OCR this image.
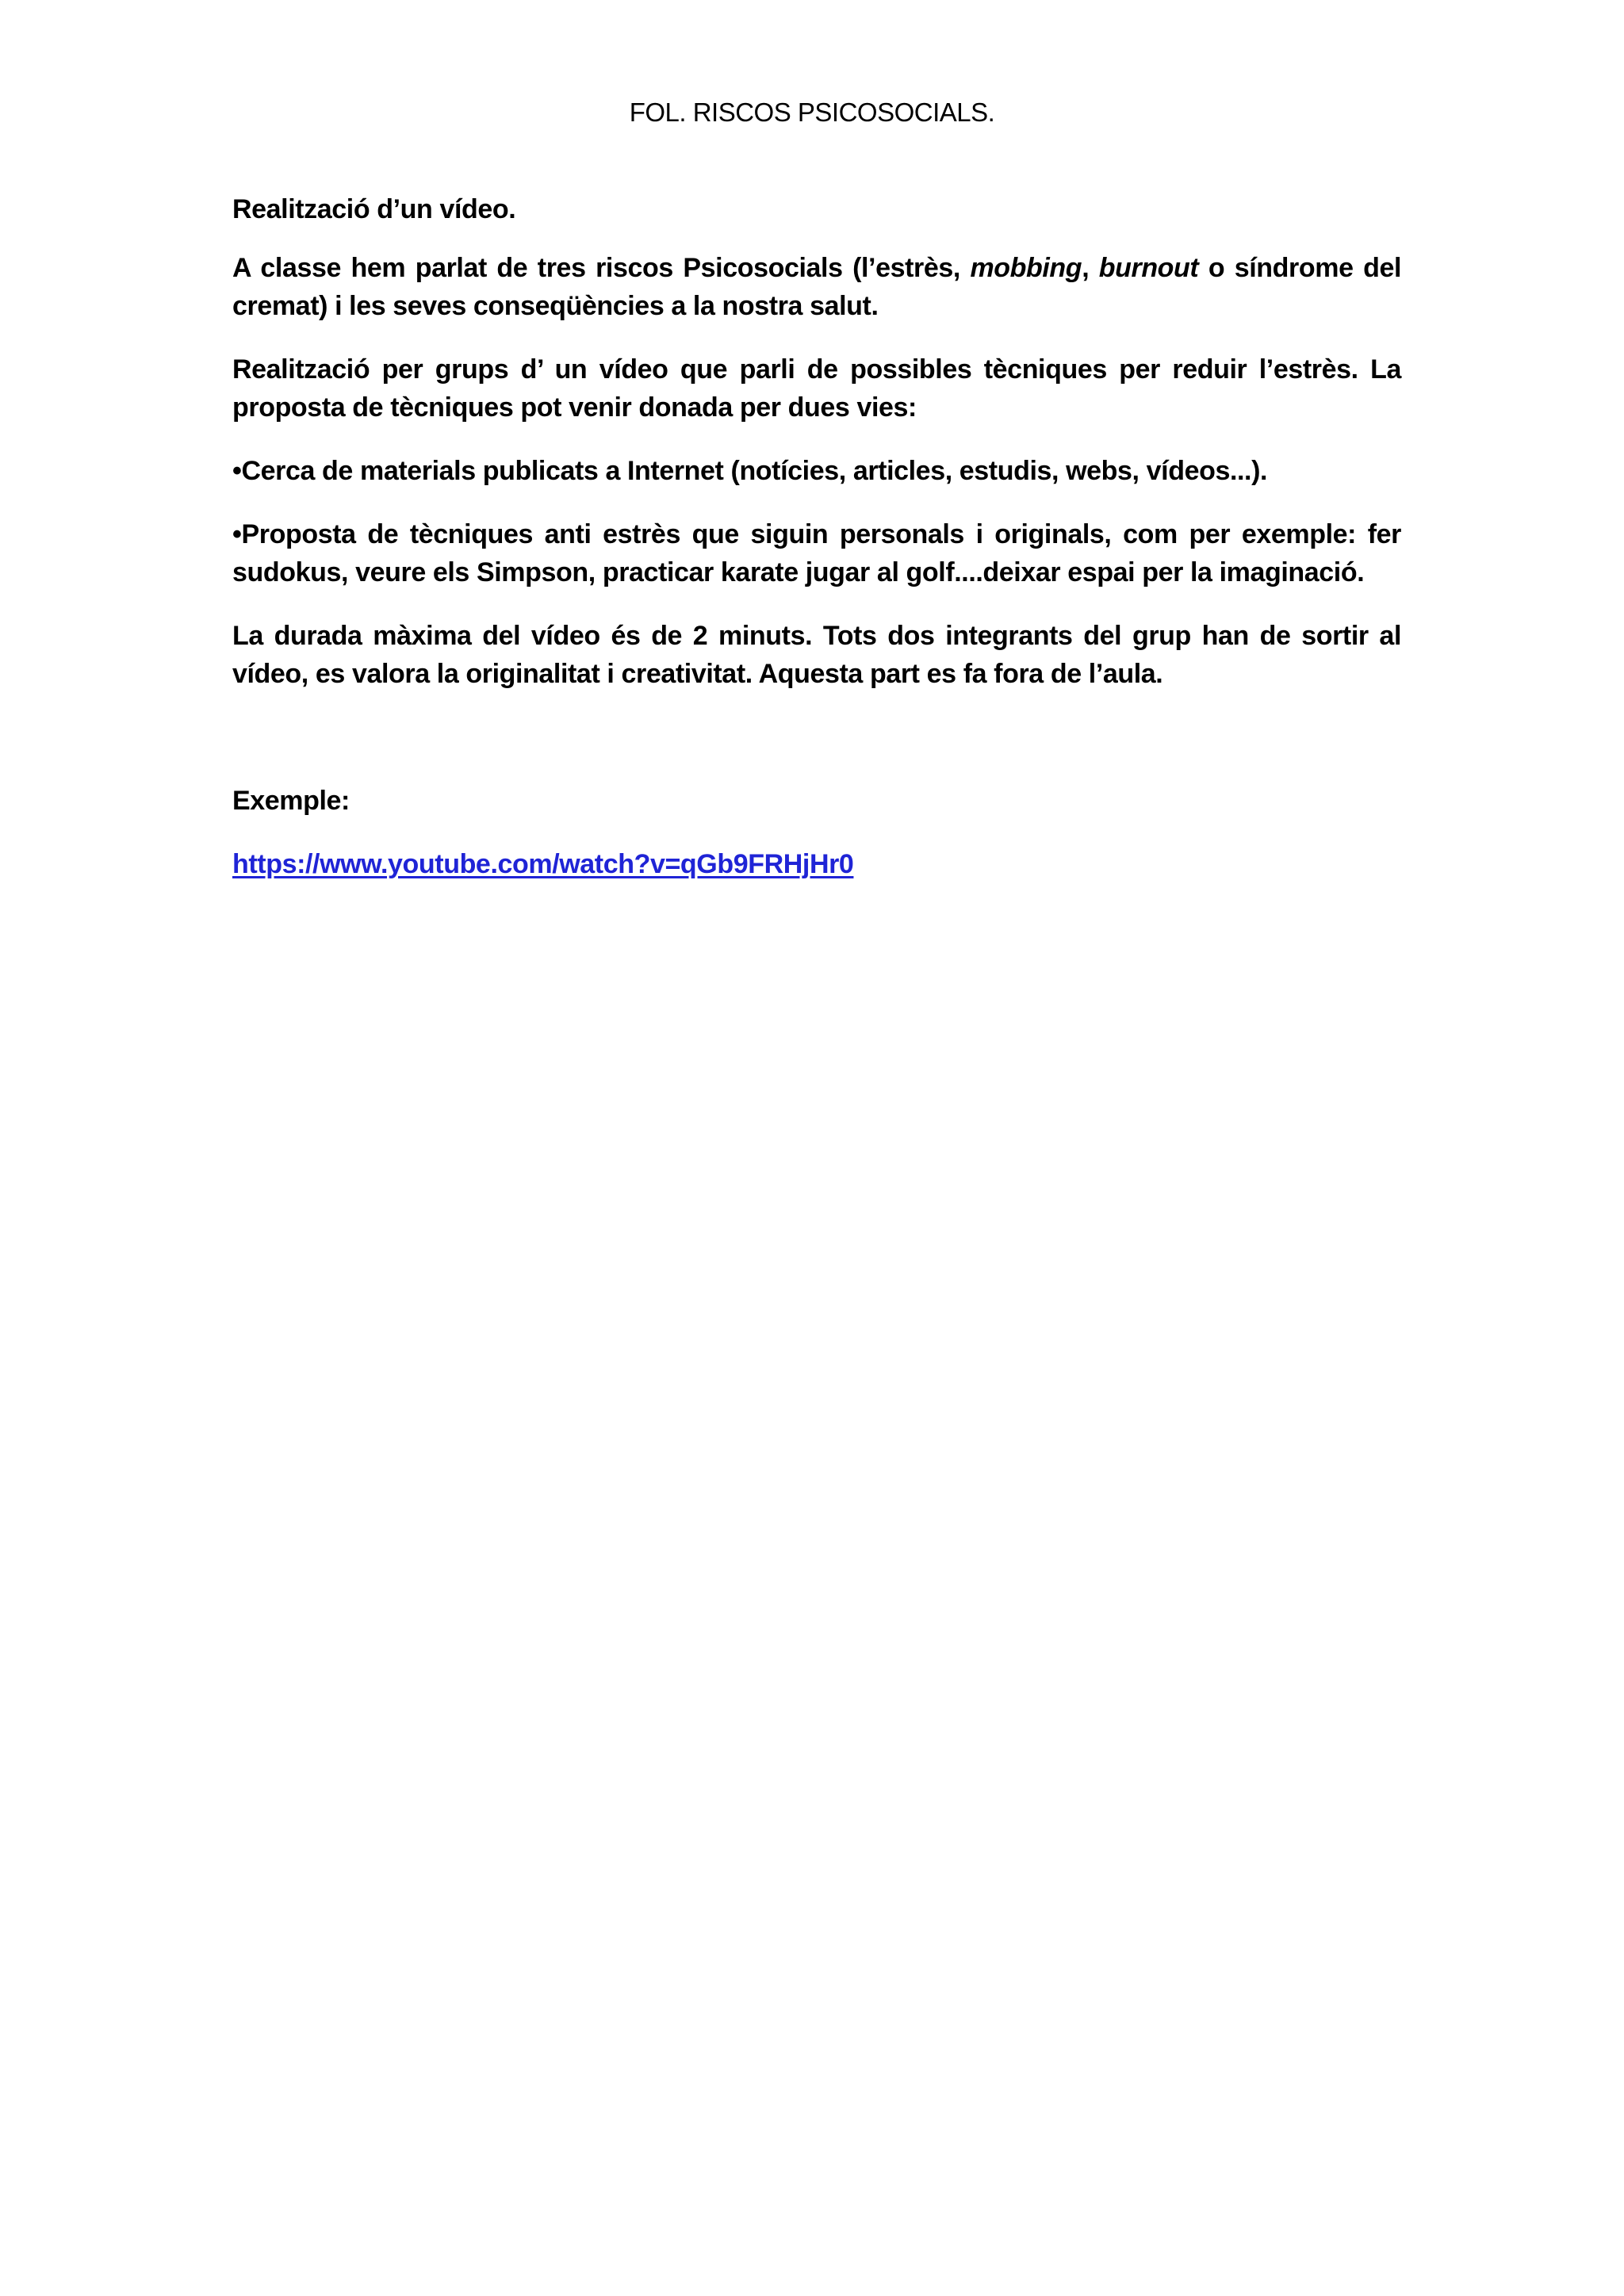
FOL. RISCOS PSICOSOCIALS.

Realització d’un vídeo.

A classe hem parlat de tres riscos Psicosocials (l’estrès, mobbing, burnout o síndrome del cremat) i les seves conseqüències a la nostra salut.

Realització per grups d’ un vídeo que parli de possibles tècniques per reduir l’estrès. La proposta de tècniques pot venir donada per dues vies:

•Cerca de materials publicats a Internet (notícies, articles, estudis, webs, vídeos...).

•Proposta de tècniques anti estrès que siguin personals i originals, com per exemple: fer sudokus, veure els Simpson, practicar karate jugar al golf....deixar espai per la imaginació.

La durada màxima del vídeo és de 2 minuts. Tots dos integrants del grup han de sortir al vídeo, es valora la originalitat i creativitat. Aquesta part es fa fora de l’aula.

Exemple:

https://www.youtube.com/watch?v=qGb9FRHjHr0
